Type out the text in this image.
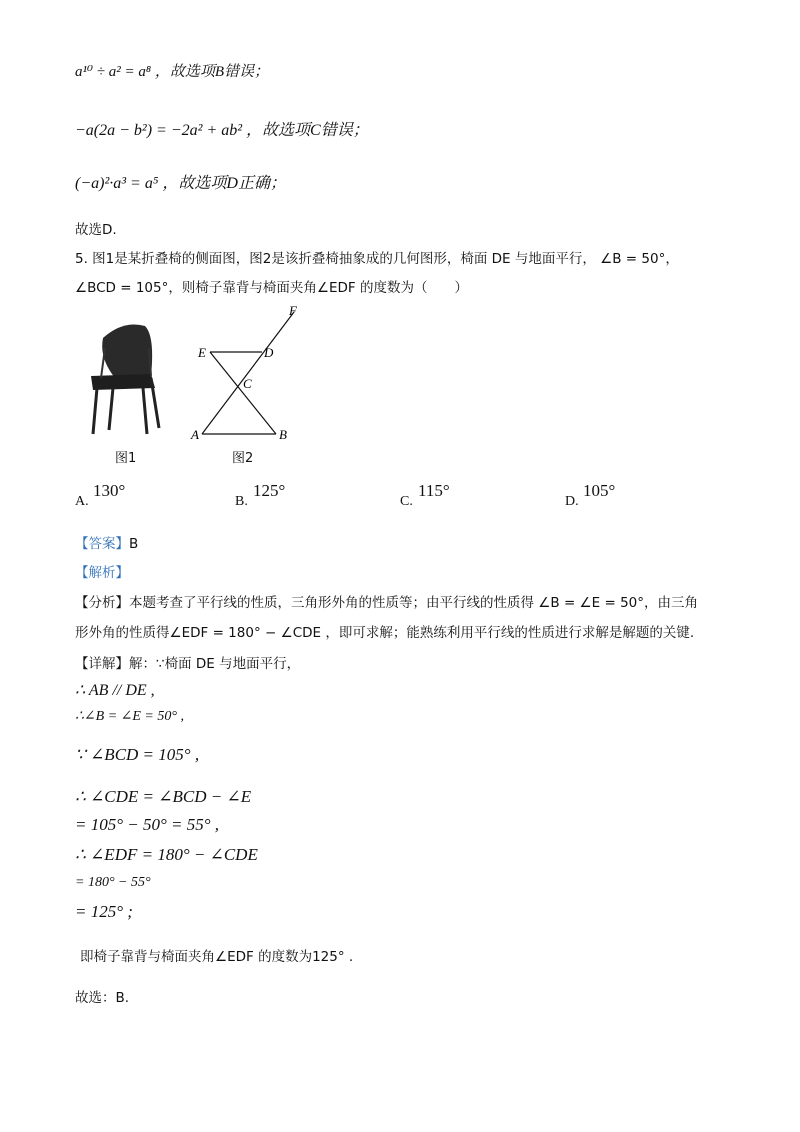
a¹⁰ ÷ a² = a⁸ ，故选项B错误；
−a(2a − b²) = −2a² + ab² ，故选项C错误；
(−a)²·a³ = a⁵ ，故选项D正确；
故选D.
5. 图1是某折叠椅的侧面图，图2是该折叠椅抽象成的几何图形，椅面 DE 与地面平行， ∠B = 50°，
∠BCD = 105°，则椅子靠背与椅面夹角∠EDF 的度数为（　　）
图1
F
E	D
C
A	B
图2
A.
130°
B.
125°
C.
115°
D.
105°
【答案】B
【解析】
【分析】本题考查了平行线的性质，三角形外角的性质等；由平行线的性质得 ∠B = ∠E = 50°，由三角
形外角的性质得∠EDF = 180° − ∠CDE ，即可求解；能熟练利用平行线的性质进行求解是解题的关键.
【详解】解：∵椅面 DE 与地面平行，
∴ AB // DE ,
∴∠B = ∠E = 50° ,
∵ ∠BCD = 105° ,
∴ ∠CDE = ∠BCD − ∠E
= 105° − 50° = 55° ,
∴ ∠EDF = 180° − ∠CDE
= 180° − 55°
= 125° ;
即椅子靠背与椅面夹角∠EDF 的度数为125° .
故选：B.
